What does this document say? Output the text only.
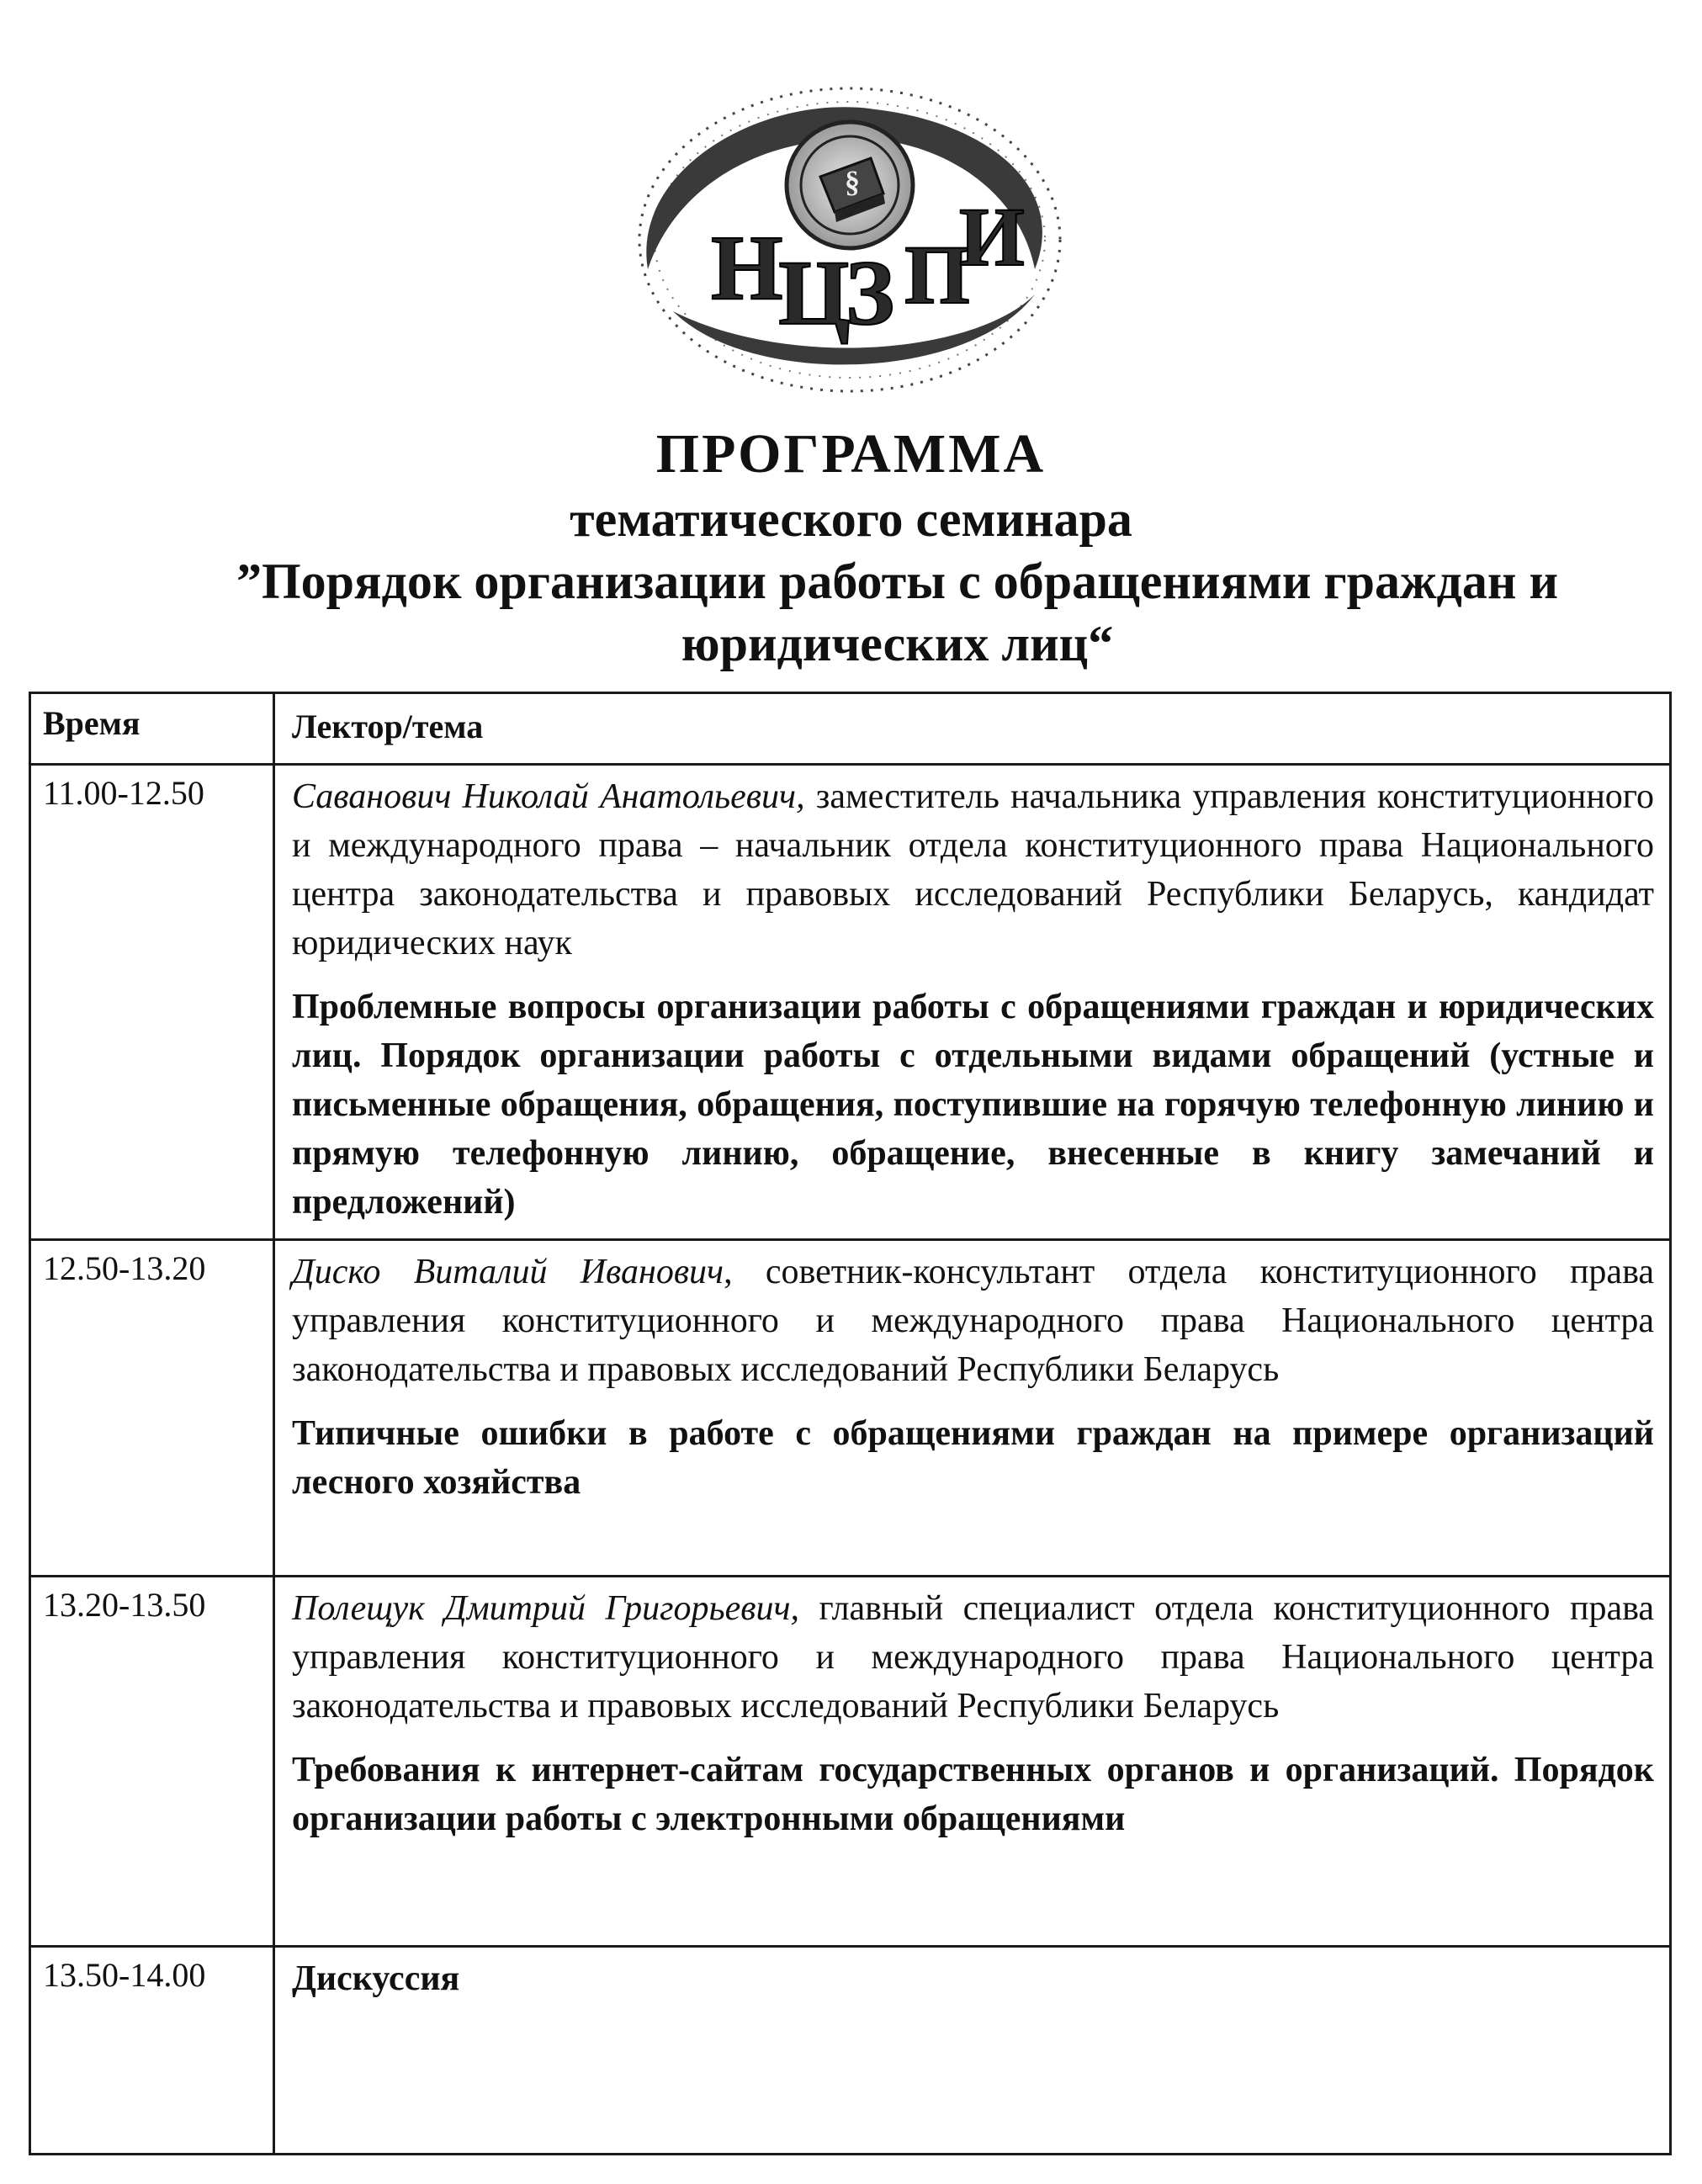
§
Н
Ц
З П
И
ПРОГРАММА
тематического семинара
”Порядок организации работы с обращениями граждан и юридических лиц“
Время	Лектор/тема
11.00-12.50	Саванович Николай Анатольевич, заместитель начальника управления конституционного и международного права – начальник отдела конституционного права Национального центра законодательства и правовых исследований Республики Беларусь, кандидат юридических наук

Проблемные вопросы организации работы с обращениями граждан и юридических лиц. Порядок организации работы с отдельными видами обращений (устные и письменные обращения, обращения, поступившие на горячую телефонную линию и прямую телефонную линию, обращение, внесенные в книгу замечаний и предложений)

12.50-13.20	Диско Виталий Иванович, советник-консультант отдела конституционного права управления конституционного и международного права Национального центра законодательства и правовых исследований Республики Беларусь

Типичные ошибки в работе с обращениями граждан на примере организаций лесного хозяйства

13.20-13.50	Полещук Дмитрий Григорьевич, главный специалист отдела конституционного права управления конституционного и международного права Национального центра законодательства и правовых исследований Республики Беларусь

Требования к интернет-сайтам государственных органов и организаций. Порядок организации работы с электронными обращениями

13.50-14.00	Дискуссия
